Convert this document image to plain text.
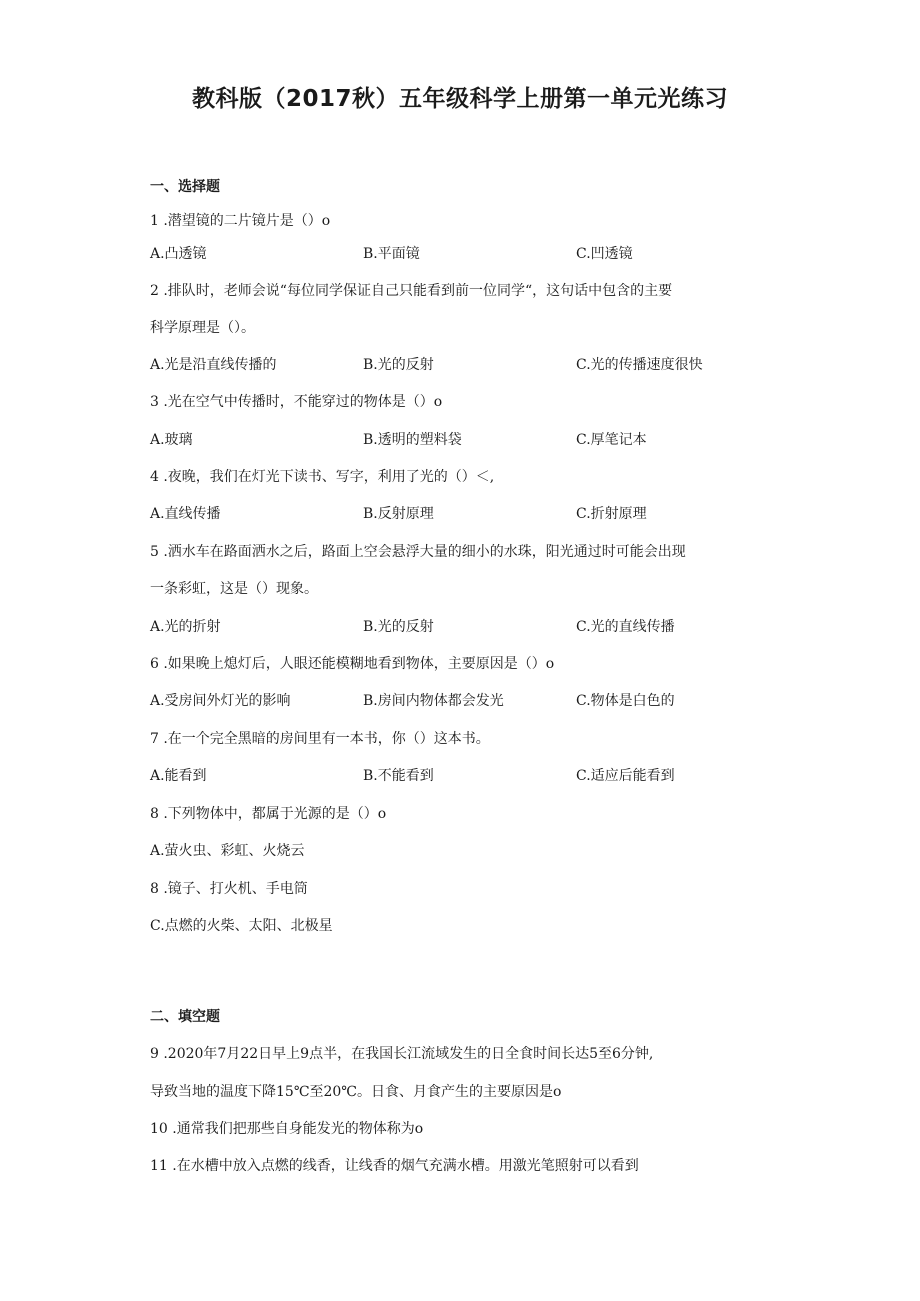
教科版（2017秋）五年级科学上册第一单元光练习
一、选择题
1 .潜望镜的二片镜片是（）o
A.凸透镜	B.平面镜	C.凹透镜
2 .排队时，老师会说“每位同学保证自己只能看到前一位同学“，这句话中包含的主要
科学原理是（）。
A.光是沿直线传播的	B.光的反射	C.光的传播速度很快
3 .光在空气中传播时，不能穿过的物体是（）o
A.玻璃	B.透明的塑料袋	C.厚笔记本
4 .夜晚，我们在灯光下读书、写字，利用了光的（）＜,
A.直线传播	B.反射原理	C.折射原理
5 .洒水车在路面洒水之后，路面上空会悬浮大量的细小的水珠，阳光通过时可能会出现
一条彩虹，这是（）现象。
A.光的折射	B.光的反射	C.光的直线传播
6 .如果晚上熄灯后，人眼还能模糊地看到物体，主要原因是（）o
A.受房间外灯光的影响	B.房间内物体都会发光	C.物体是白色的
7 .在一个完全黑暗的房间里有一本书，你（）这本书。
A.能看到	B.不能看到	C.适应后能看到
8 .下列物体中，都属于光源的是（）o
A.萤火虫、彩虹、火烧云
8 .镜子、打火机、手电筒
C.点燃的火柴、太阳、北极星
二、填空题
9 .2020年7月22日早上9点半，在我国长江流域发生的日全食时间长达5至6分钟,
导致当地的温度下降15℃至20℃。日食、月食产生的主要原因是o
10 .通常我们把那些自身能发光的物体称为o
11 .在水槽中放入点燃的线香，让线香的烟气充满水槽。用激光笔照射可以看到
